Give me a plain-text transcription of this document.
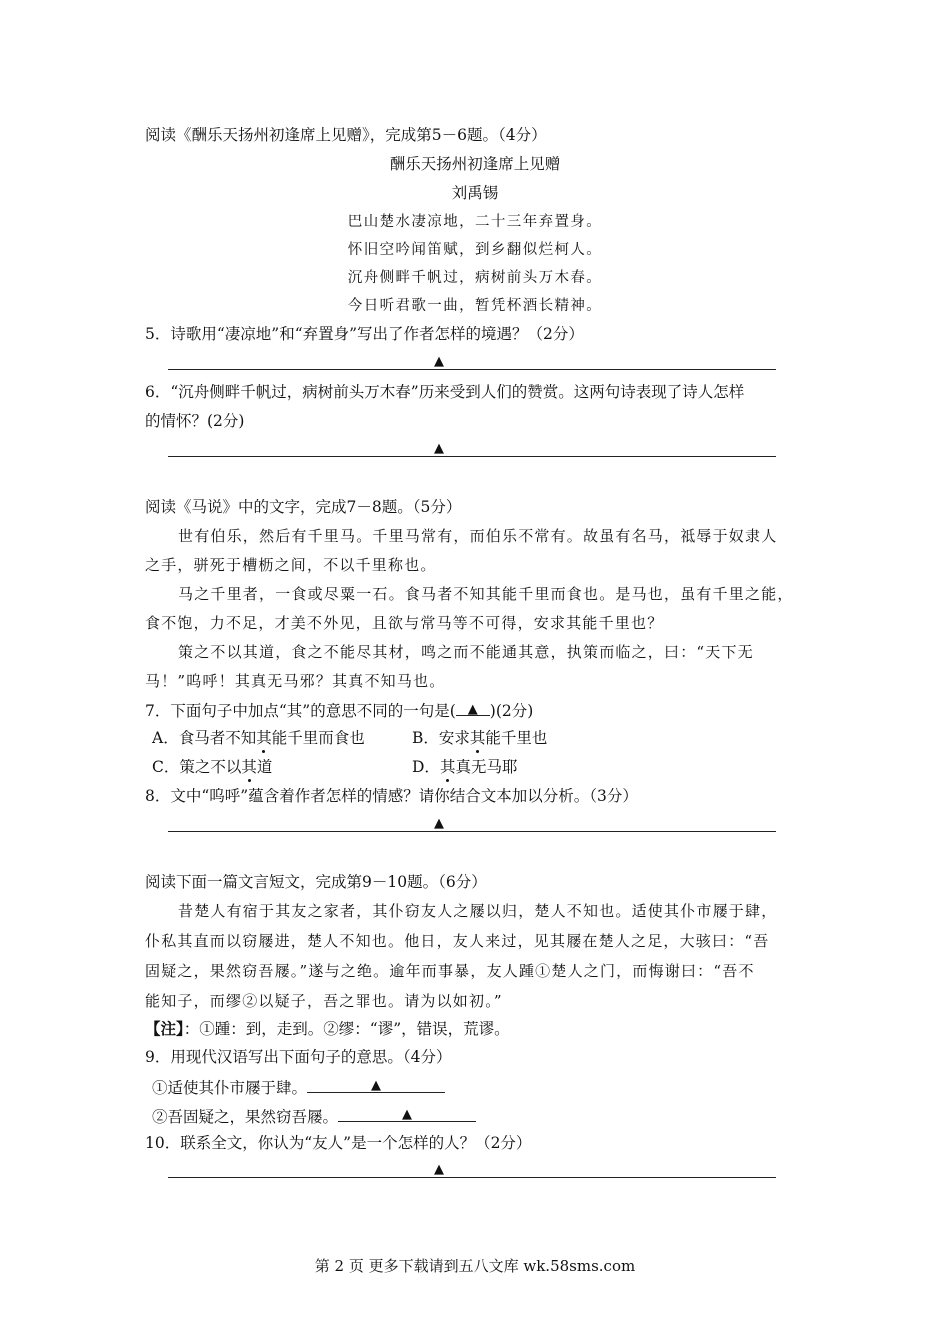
阅读《酬乐天扬州初逢席上见赠》，完成第5－6题。（4分）
酬乐天扬州初逢席上见赠
刘禹锡
巴山楚水凄凉地，二十三年弃置身。
怀旧空吟闻笛赋，到乡翻似烂柯人。
沉舟侧畔千帆过，病树前头万木春。
今日听君歌一曲，暂凭杯酒长精神。
5．诗歌用“凄凉地”和“弃置身”写出了作者怎样的境遇？（2分）
▲
6．“沉舟侧畔千帆过，病树前头万木春”历来受到人们的赞赏。这两句诗表现了诗人怎样
的情怀？(2分)
▲
阅读《马说》中的文字，完成7－8题。（5分）
世有伯乐，然后有千里马。千里马常有，而伯乐不常有。故虽有名马，祗辱于奴隶人
之手，骈死于槽枥之间，不以千里称也。
马之千里者，一食或尽粟一石。食马者不知其能千里而食也。是马也，虽有千里之能，
食不饱，力不足，才美不外见，且欲与常马等不可得，安求其能千里也？
策之不以其道，食之不能尽其材，鸣之而不能通其意，执策而临之，曰：“天下无
马！”呜呼！其真无马邪？其真不知马也。
7．下面句子中加点“其”的意思不同的一句是( ▲ )(2分)
A．食马者不知其能千里而食也	B．安求其能千里也
C．策之不以其道	D．其真无马耶
8．文中“呜呼”蕴含着作者怎样的情感？请你结合文本加以分析。（3分）
▲
阅读下面一篇文言短文，完成第9－10题。（6分）
昔楚人有宿于其友之家者，其仆窃友人之屦以归，楚人不知也。适使其仆市屦于肆，
仆私其直而以窃屦进，楚人不知也。他日，友人来过，见其屦在楚人之足，大骇曰：“吾
固疑之，果然窃吾屦。”遂与之绝。逾年而事暴，友人踵①楚人之门，而悔谢曰：“吾不
能知子，而缪②以疑子，吾之罪也。请为以如初。”
【注】：①踵：到，走到。②缪：“谬”，错误，荒谬。
9．用现代汉语写出下面句子的意思。（4分）
①适使其仆市屦于肆。	▲
②吾固疑之，果然窃吾屦。	▲
10．联系全文，你认为“友人”是一个怎样的人？（2分）
▲
第 2 页 更多下载请到五八文库 wk.58sms.com
